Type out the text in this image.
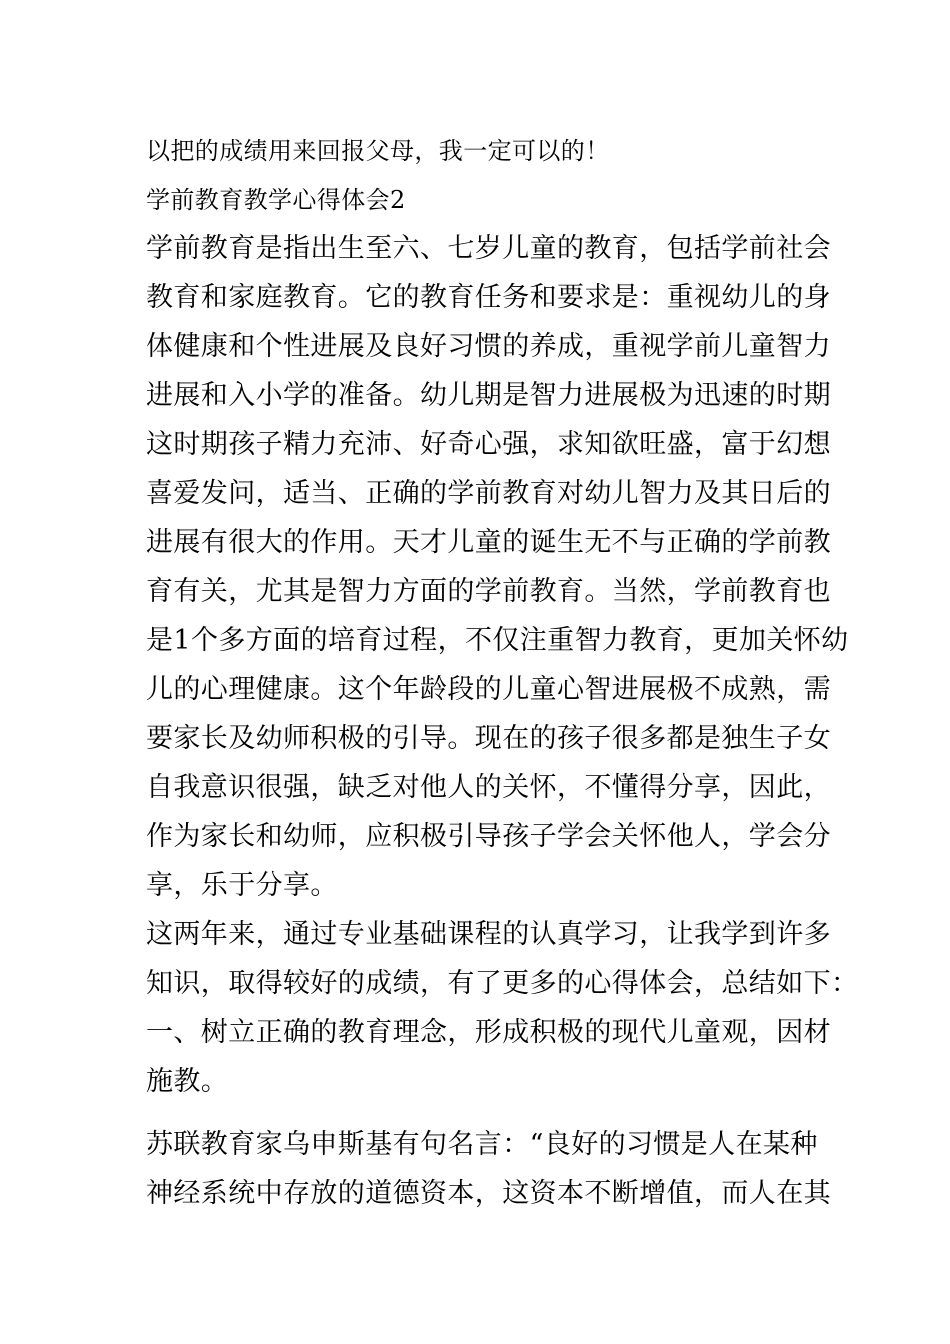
以把的成绩用来回报父母，我一定可以的！
学前教育教学心得体会2
学前教育是指出生至六、七岁儿童的教育，包括学前社会
教育和家庭教育。它的教育任务和要求是：重视幼儿的身
体健康和个性进展及良好习惯的养成，重视学前儿童智力
进展和入小学的准备。幼儿期是智力进展极为迅速的时期
这时期孩子精力充沛、好奇心强，求知欲旺盛，富于幻想
喜爱发问，适当、正确的学前教育对幼儿智力及其日后的
进展有很大的作用。天才儿童的诞生无不与正确的学前教
育有关，尤其是智力方面的学前教育。当然，学前教育也
是1个多方面的培育过程，不仅注重智力教育，更加关怀幼
儿的心理健康。这个年龄段的儿童心智进展极不成熟，需
要家长及幼师积极的引导。现在的孩子很多都是独生子女
自我意识很强，缺乏对他人的关怀，不懂得分享，因此，
作为家长和幼师，应积极引导孩子学会关怀他人，学会分
享，乐于分享。
这两年来，通过专业基础课程的认真学习，让我学到许多
知识，取得较好的成绩，有了更多的心得体会，总结如下：
一、树立正确的教育理念，形成积极的现代儿童观，因材
施教。
苏联教育家乌申斯基有句名言：“良好的习惯是人在某种
神经系统中存放的道德资本，这资本不断增值，而人在其
